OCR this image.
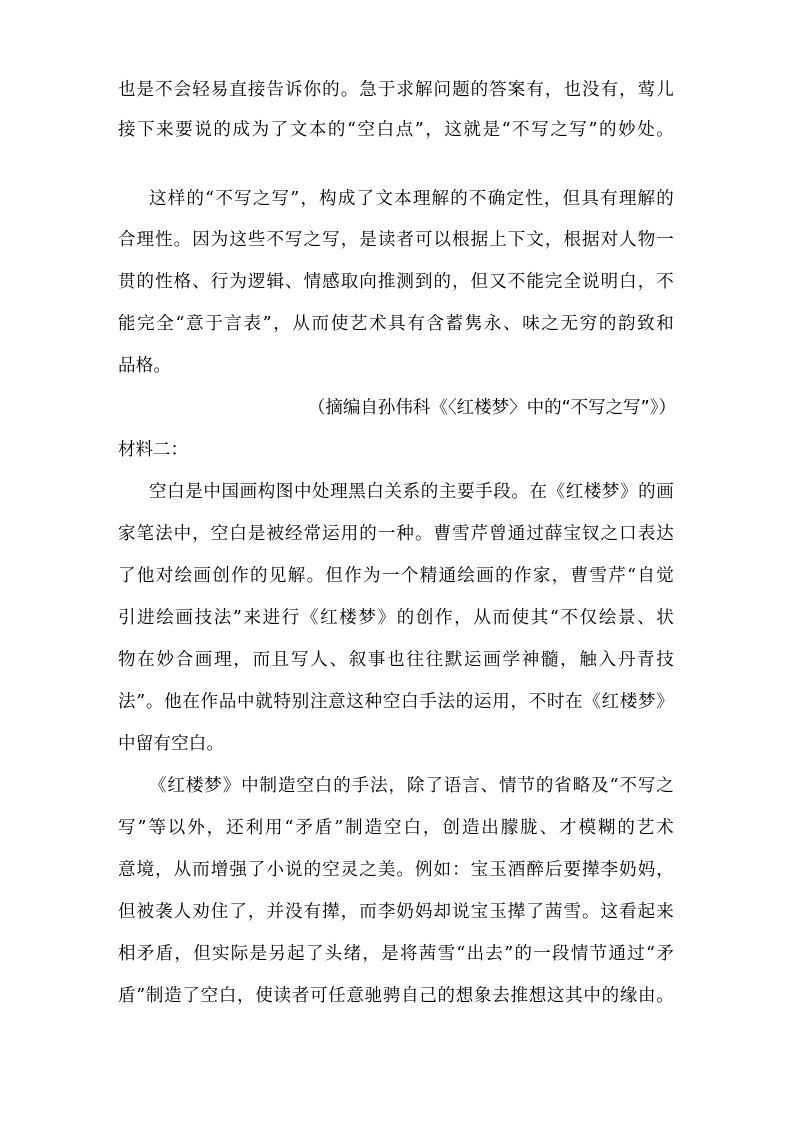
也是不会轻易直接告诉你的。急于求解问题的答案有，也没有，莺儿
接下来要说的成为了文本的“空白点”，这就是“不写之写”的妙处。
这样的“不写之写”，构成了文本理解的不确定性，但具有理解的
合理性。因为这些不写之写，是读者可以根据上下文，根据对人物一
贯的性格、行为逻辑、情感取向推测到的，但又不能完全说明白，不
能完全“意于言表”，从而使艺术具有含蓄隽永、味之无穷的韵致和
品格。
（摘编自孙伟科《〈红楼梦〉中的“不写之写”》）
材料二：
空白是中国画构图中处理黑白关系的主要手段。在《红楼梦》的画
家笔法中，空白是被经常运用的一种。曹雪芹曾通过薛宝钗之口表达
了他对绘画创作的见解。但作为一个精通绘画的作家，曹雪芹“自觉
引进绘画技法”来进行《红楼梦》的创作，从而使其“不仅绘景、状
物在妙合画理，而且写人、叙事也往往默运画学神髓，触入丹青技
法”。他在作品中就特别注意这种空白手法的运用，不时在《红楼梦》
中留有空白。
《红楼梦》中制造空白的手法，除了语言、情节的省略及“不写之
写”等以外，还利用“矛盾”制造空白，创造出朦胧、才模糊的艺术
意境，从而增强了小说的空灵之美。例如：宝玉酒醉后要撵李奶妈，
但被袭人劝住了，并没有撵，而李奶妈却说宝玉撵了茜雪。这看起来
相矛盾，但实际是另起了头绪，是将茜雪“出去”的一段情节通过“矛
盾”制造了空白，使读者可任意驰骋自己的想象去推想这其中的缘由。
